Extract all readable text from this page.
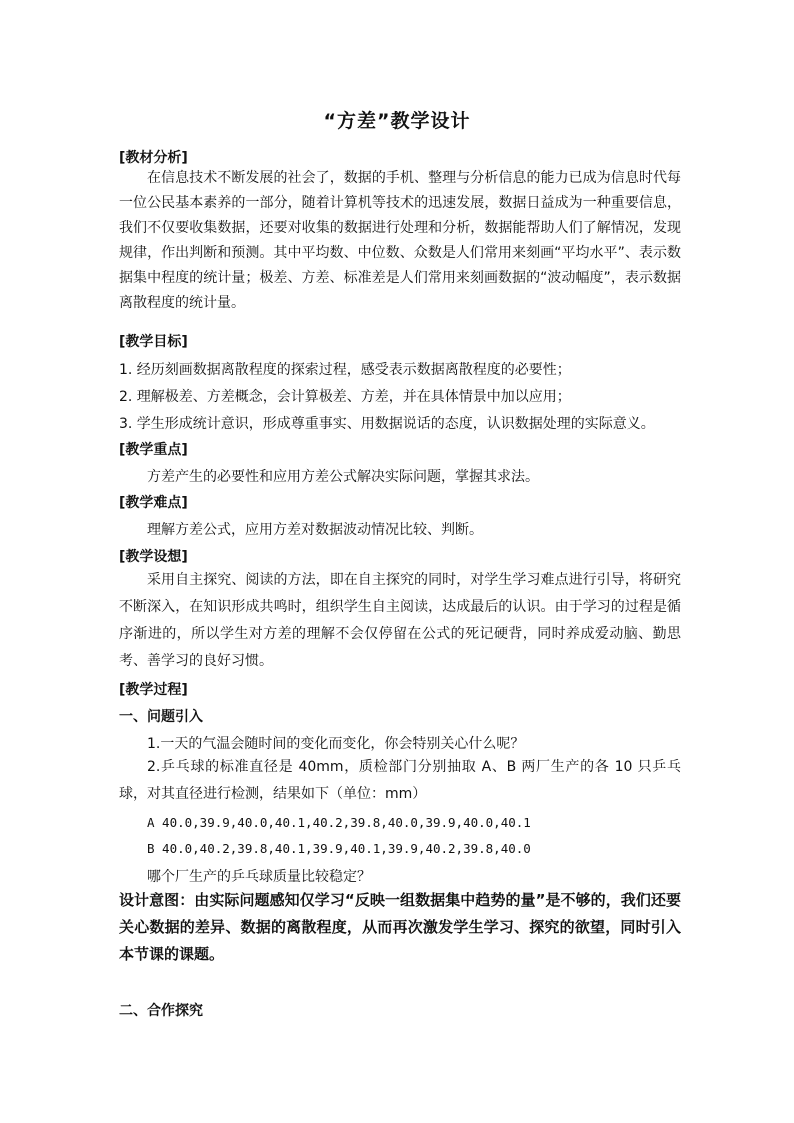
“方差”教学设计
[教材分析]
在信息技术不断发展的社会了，数据的手机、整理与分析信息的能力已成为信息时代每一位公民基本素养的一部分，随着计算机等技术的迅速发展，数据日益成为一种重要信息，我们不仅要收集数据，还要对收集的数据进行处理和分析，数据能帮助人们了解情况，发现规律，作出判断和预测。其中平均数、中位数、众数是人们常用来刻画“平均水平”、表示数据集中程度的统计量；极差、方差、标准差是人们常用来刻画数据的“波动幅度”，表示数据离散程度的统计量。
[教学目标]
1. 经历刻画数据离散程度的探索过程，感受表示数据离散程度的必要性；
2. 理解极差、方差概念，会计算极差、方差，并在具体情景中加以应用；
3. 学生形成统计意识，形成尊重事实、用数据说话的态度，认识数据处理的实际意义。
[教学重点]
方差产生的必要性和应用方差公式解决实际问题，掌握其求法。
[教学难点]
理解方差公式，应用方差对数据波动情况比较、判断。
[教学设想]
采用自主探究、阅读的方法，即在自主探究的同时，对学生学习难点进行引导，将研究不断深入，在知识形成共鸣时，组织学生自主阅读，达成最后的认识。由于学习的过程是循序渐进的，所以学生对方差的理解不会仅停留在公式的死记硬背，同时养成爱动脑、勤思考、善学习的良好习惯。
[教学过程]
一、问题引入
1.一天的气温会随时间的变化而变化，你会特别关心什么呢？
2.乒乓球的标准直径是 40mm，质检部门分别抽取 A、B 两厂生产的各 10 只乒乓球，对其直径进行检测，结果如下（单位：mm）
A 40.0,39.9,40.0,40.1,40.2,39.8,40.0,39.9,40.0,40.1
B 40.0,40.2,39.8,40.1,39.9,40.1,39.9,40.2,39.8,40.0
哪个厂生产的乒乓球质量比较稳定？
设计意图：由实际问题感知仅学习“反映一组数据集中趋势的量”是不够的，我们还要关心数据的差异、数据的离散程度，从而再次激发学生学习、探究的欲望，同时引入本节课的课题。
二、合作探究
